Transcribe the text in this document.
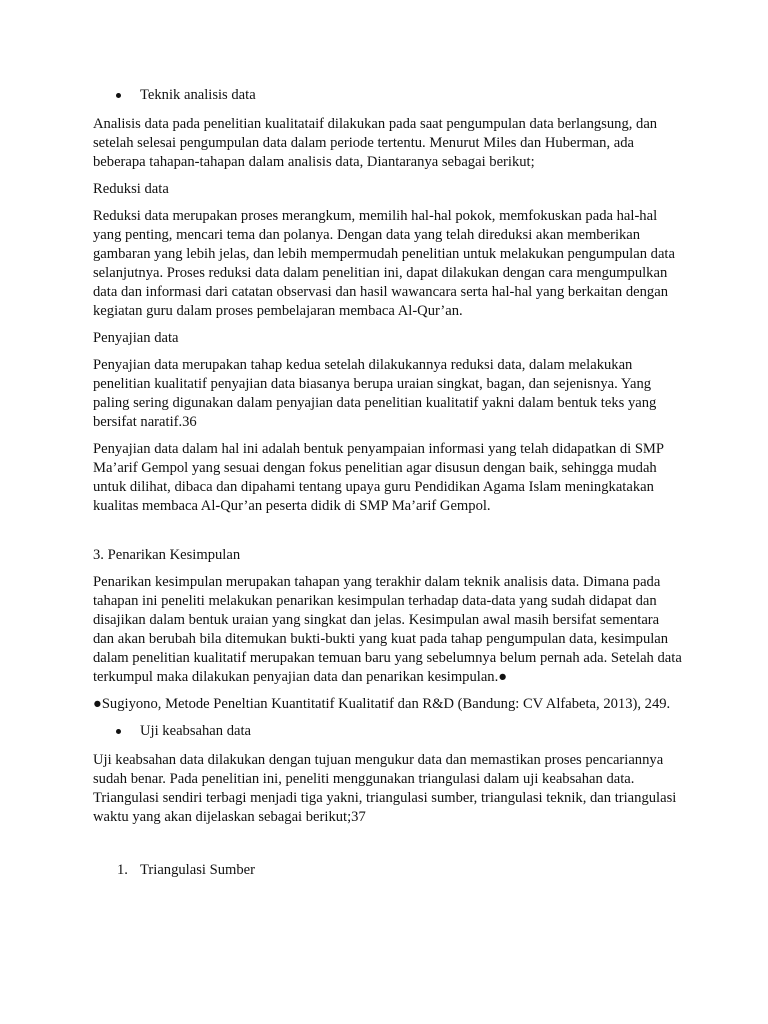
Teknik analisis data

Analisis data pada penelitian kualitataif dilakukan pada saat pengumpulan data berlangsung, dan setelah selesai pengumpulan data dalam periode tertentu. Menurut Miles dan Huberman, ada beberapa tahapan-tahapan dalam analisis data, Diantaranya sebagai berikut;

Reduksi data

Reduksi data merupakan proses merangkum, memilih hal-hal pokok, memfokuskan pada hal-hal yang penting, mencari tema dan polanya. Dengan data yang telah direduksi akan memberikan gambaran yang lebih jelas, dan lebih mempermudah penelitian untuk melakukan pengumpulan data selanjutnya. Proses reduksi data dalam penelitian ini, dapat dilakukan dengan cara mengumpulkan data dan informasi dari catatan observasi dan hasil wawancara serta hal-hal yang berkaitan dengan kegiatan guru dalam proses pembelajaran membaca Al-Qur’an.

Penyajian data

Penyajian data merupakan tahap kedua setelah dilakukannya reduksi data, dalam melakukan penelitian kualitatif penyajian data biasanya berupa uraian singkat, bagan, dan sejenisnya. Yang paling sering digunakan dalam penyajian data penelitian kualitatif yakni dalam bentuk teks yang bersifat naratif.36

Penyajian data dalam hal ini adalah bentuk penyampaian informasi yang telah didapatkan di SMP Ma’arif Gempol yang sesuai dengan fokus penelitian agar disusun dengan baik, sehingga mudah untuk dilihat, dibaca dan dipahami tentang upaya guru Pendidikan Agama Islam meningkatakan kualitas membaca Al-Qur’an peserta didik di SMP Ma’arif Gempol.

3. Penarikan Kesimpulan

Penarikan kesimpulan merupakan tahapan yang terakhir dalam teknik analisis data. Dimana pada tahapan ini peneliti melakukan penarikan kesimpulan terhadap data-data yang sudah didapat dan disajikan dalam bentuk uraian yang singkat dan jelas. Kesimpulan awal masih bersifat sementara dan akan berubah bila ditemukan bukti-bukti yang kuat pada tahap pengumpulan data, kesimpulan dalam penelitian kualitatif merupakan temuan baru yang sebelumnya belum pernah ada. Setelah data terkumpul maka dilakukan penyajian data dan penarikan kesimpulan.●

●Sugiyono, Metode Peneltian Kuantitatif Kualitatif dan R&D (Bandung: CV Alfabeta, 2013), 249.

Uji keabsahan data

Uji keabsahan data dilakukan dengan tujuan mengukur data dan memastikan proses pencariannya sudah benar. Pada penelitian ini, peneliti menggunakan triangulasi dalam uji keabsahan data. Triangulasi sendiri terbagi menjadi tiga yakni, triangulasi sumber, triangulasi teknik, dan triangulasi waktu yang akan dijelaskan sebagai berikut;37

1. Triangulasi Sumber
